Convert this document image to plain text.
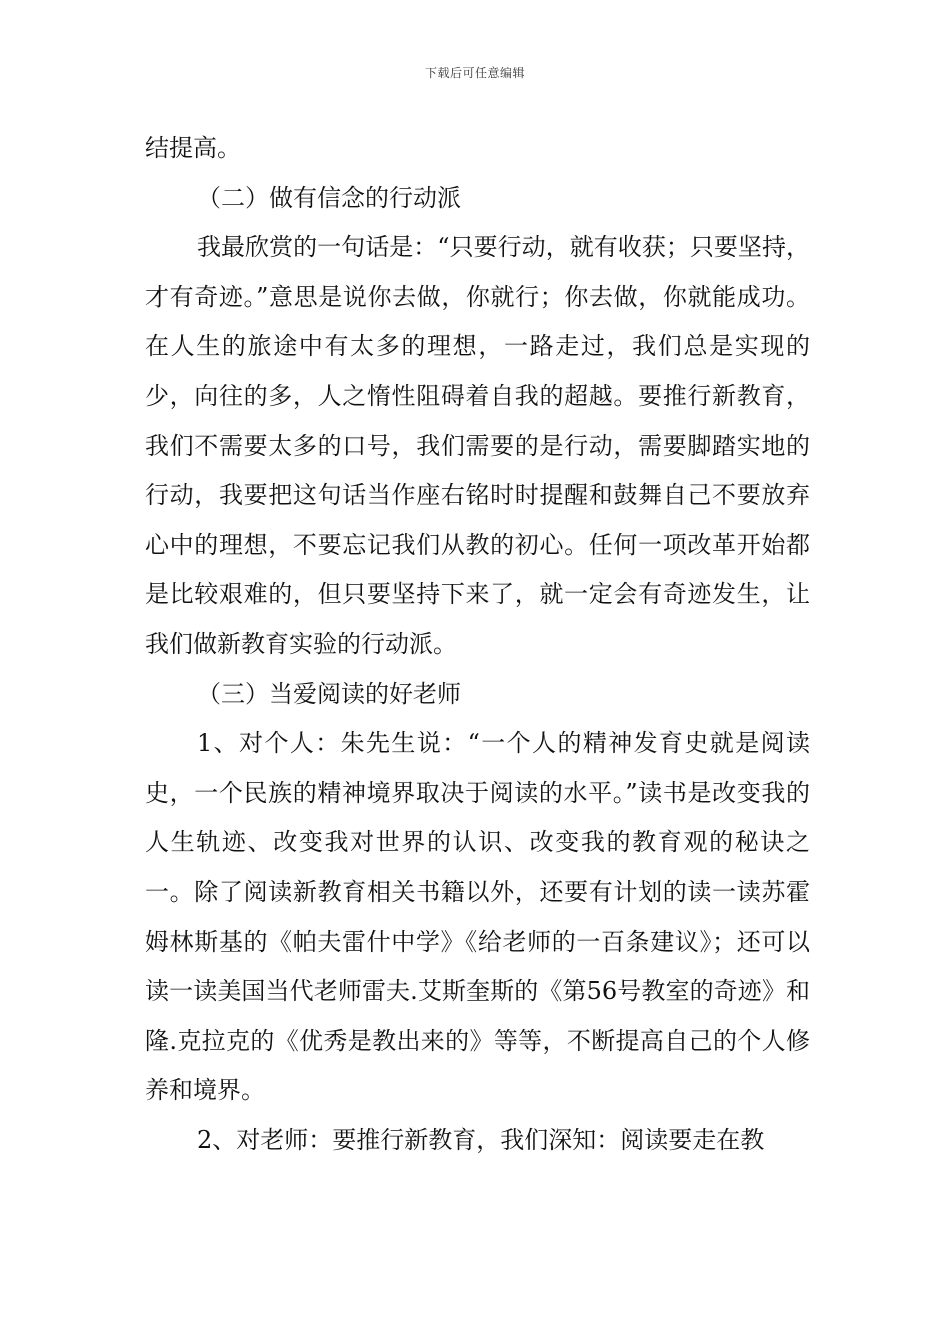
下载后可任意编辑

结提高。

（二）做有信念的行动派

我最欣赏的一句话是：“只要行动，就有收获；只要坚持，才有奇迹。”意思是说你去做，你就行；你去做，你就能成功。在人生的旅途中有太多的理想，一路走过，我们总是实现的少，向往的多，人之惰性阻碍着自我的超越。要推行新教育，我们不需要太多的口号，我们需要的是行动，需要脚踏实地的行动，我要把这句话当作座右铭时时提醒和鼓舞自己不要放弃心中的理想，不要忘记我们从教的初心。任何一项改革开始都是比较艰难的，但只要坚持下来了，就一定会有奇迹发生，让我们做新教育实验的行动派。

（三）当爱阅读的好老师

1、对个人：朱先生说：“一个人的精神发育史就是阅读史，一个民族的精神境界取决于阅读的水平。”读书是改变我的人生轨迹、改变我对世界的认识、改变我的教育观的秘诀之一。除了阅读新教育相关书籍以外，还要有计划的读一读苏霍姆林斯基的《帕夫雷什中学》《给老师的一百条建议》；还可以读一读美国当代老师雷夫.艾斯奎斯的《第56号教室的奇迹》和隆.克拉克的《优秀是教出来的》等等，不断提高自己的个人修养和境界。

2、对老师：要推行新教育，我们深知：阅读要走在教
